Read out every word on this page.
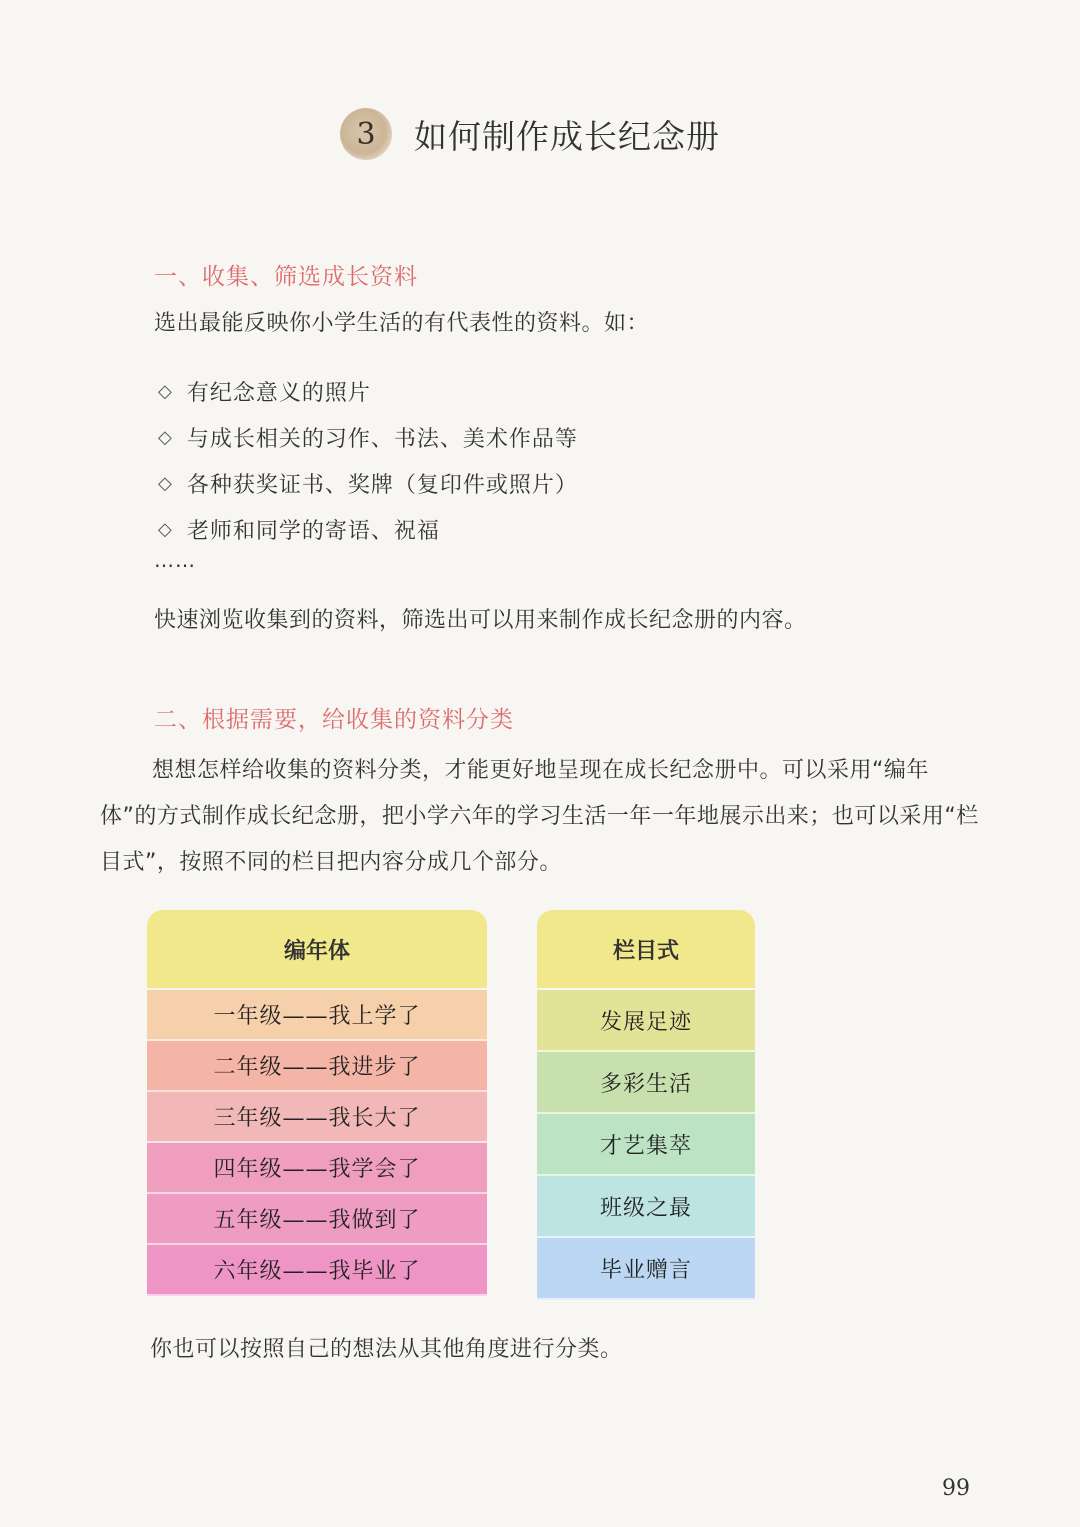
3	如何制作成长纪念册
一、收集、筛选成长资料
选出最能反映你小学生活的有代表性的资料。如：
◇ 有纪念意义的照片
◇ 与成长相关的习作、书法、美术作品等
◇ 各种获奖证书、奖牌（复印件或照片）
◇ 老师和同学的寄语、祝福
……
快速浏览收集到的资料，筛选出可以用来制作成长纪念册的内容。
二、根据需要，给收集的资料分类

想想怎样给收集的资料分类，才能更好地呈现在成长纪念册中。可以采用“编年体”的方式制作成长纪念册，把小学六年的学习生活一年一年地展示出来；也可以采用“栏目式”，按照不同的栏目把内容分成几个部分。

编年体
一年级——我上学了
二年级——我进步了
三年级——我长大了
四年级——我学会了
五年级——我做到了
六年级——我毕业了
栏目式
发展足迹
多彩生活
才艺集萃
班级之最
毕业赠言
你也可以按照自己的想法从其他角度进行分类。
99
